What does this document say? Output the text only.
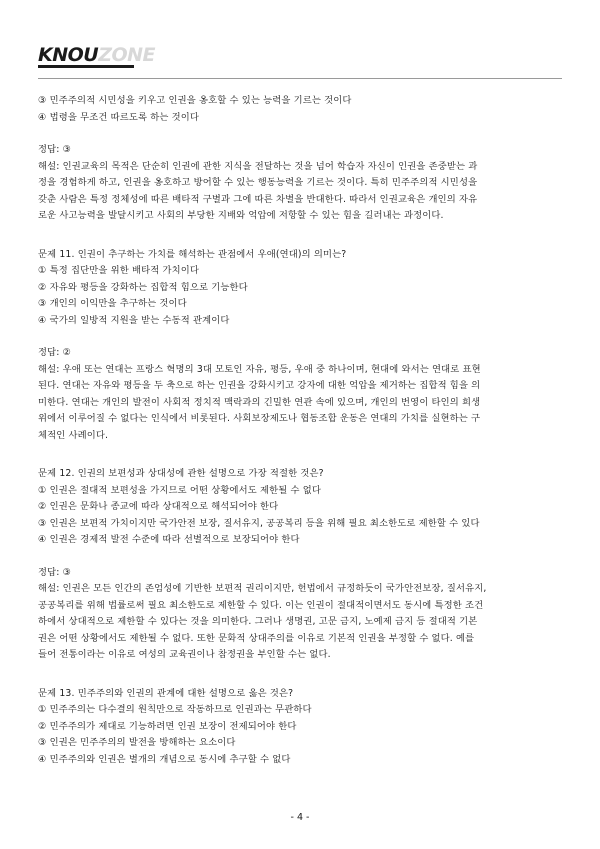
KNOUZONE
③ 민주주의적 시민성을 키우고 인권을 옹호할 수 있는 능력을 기르는 것이다
④ 법령을 무조건 따르도록 하는 것이다
정답: ③
해설: 인권교육의 목적은 단순히 인권에 관한 지식을 전달하는 것을 넘어 학습자 자신이 인권을 존중받는 과
정을 경험하게 하고, 인권을 옹호하고 방어할 수 있는 행동능력을 기르는 것이다. 특히 민주주의적 시민성을
갖춘 사람은 특정 정체성에 따른 배타적 구별과 그에 따른 차별을 반대한다. 따라서 인권교육은 개인의 자유
로운 사고능력을 발달시키고 사회의 부당한 지배와 억압에 저항할 수 있는 힘을 길러내는 과정이다.
문제 11. 인권이 추구하는 가치를 해석하는 관점에서 우애(연대)의 의미는?
① 특정 집단만을 위한 배타적 가치이다
② 자유와 평등을 강화하는 집합적 힘으로 기능한다
③ 개인의 이익만을 추구하는 것이다
④ 국가의 일방적 지원을 받는 수동적 관계이다
정답: ②
해설: 우애 또는 연대는 프랑스 혁명의 3대 모토인 자유, 평등, 우애 중 하나이며, 현대에 와서는 연대로 표현
된다. 연대는 자유와 평등을 두 축으로 하는 인권을 강화시키고 강자에 대한 억압을 제거하는 집합적 힘을 의
미한다. 연대는 개인의 발전이 사회적 정치적 맥락과의 긴밀한 연관 속에 있으며, 개인의 번영이 타인의 희생
위에서 이루어질 수 없다는 인식에서 비롯된다. 사회보장제도나 협동조합 운동은 연대의 가치를 실현하는 구
체적인 사례이다.
문제 12. 인권의 보편성과 상대성에 관한 설명으로 가장 적절한 것은?
① 인권은 절대적 보편성을 가지므로 어떤 상황에서도 제한될 수 없다
② 인권은 문화나 종교에 따라 상대적으로 해석되어야 한다
③ 인권은 보편적 가치이지만 국가안전 보장, 질서유지, 공공복리 등을 위해 필요 최소한도로 제한할 수 있다
④ 인권은 경제적 발전 수준에 따라 선별적으로 보장되어야 한다
정답: ③
해설: 인권은 모든 인간의 존엄성에 기반한 보편적 권리이지만, 헌법에서 규정하듯이 국가안전보장, 질서유지,
공공복리를 위해 법률로써 필요 최소한도로 제한할 수 있다. 이는 인권이 절대적이면서도 동시에 특정한 조건
하에서 상대적으로 제한할 수 있다는 것을 의미한다. 그러나 생명권, 고문 금지, 노예제 금지 등 절대적 기본
권은 어떤 상황에서도 제한될 수 없다. 또한 문화적 상대주의를 이유로 기본적 인권을 부정할 수 없다. 예를
들어 전통이라는 이유로 여성의 교육권이나 참정권을 부인할 수는 없다.
문제 13. 민주주의와 인권의 관계에 대한 설명으로 옳은 것은?
① 민주주의는 다수결의 원칙만으로 작동하므로 인권과는 무관하다
② 민주주의가 제대로 기능하려면 인권 보장이 전제되어야 한다
③ 인권은 민주주의의 발전을 방해하는 요소이다
④ 민주주의와 인권은 별개의 개념으로 동시에 추구할 수 없다
- 4 -
